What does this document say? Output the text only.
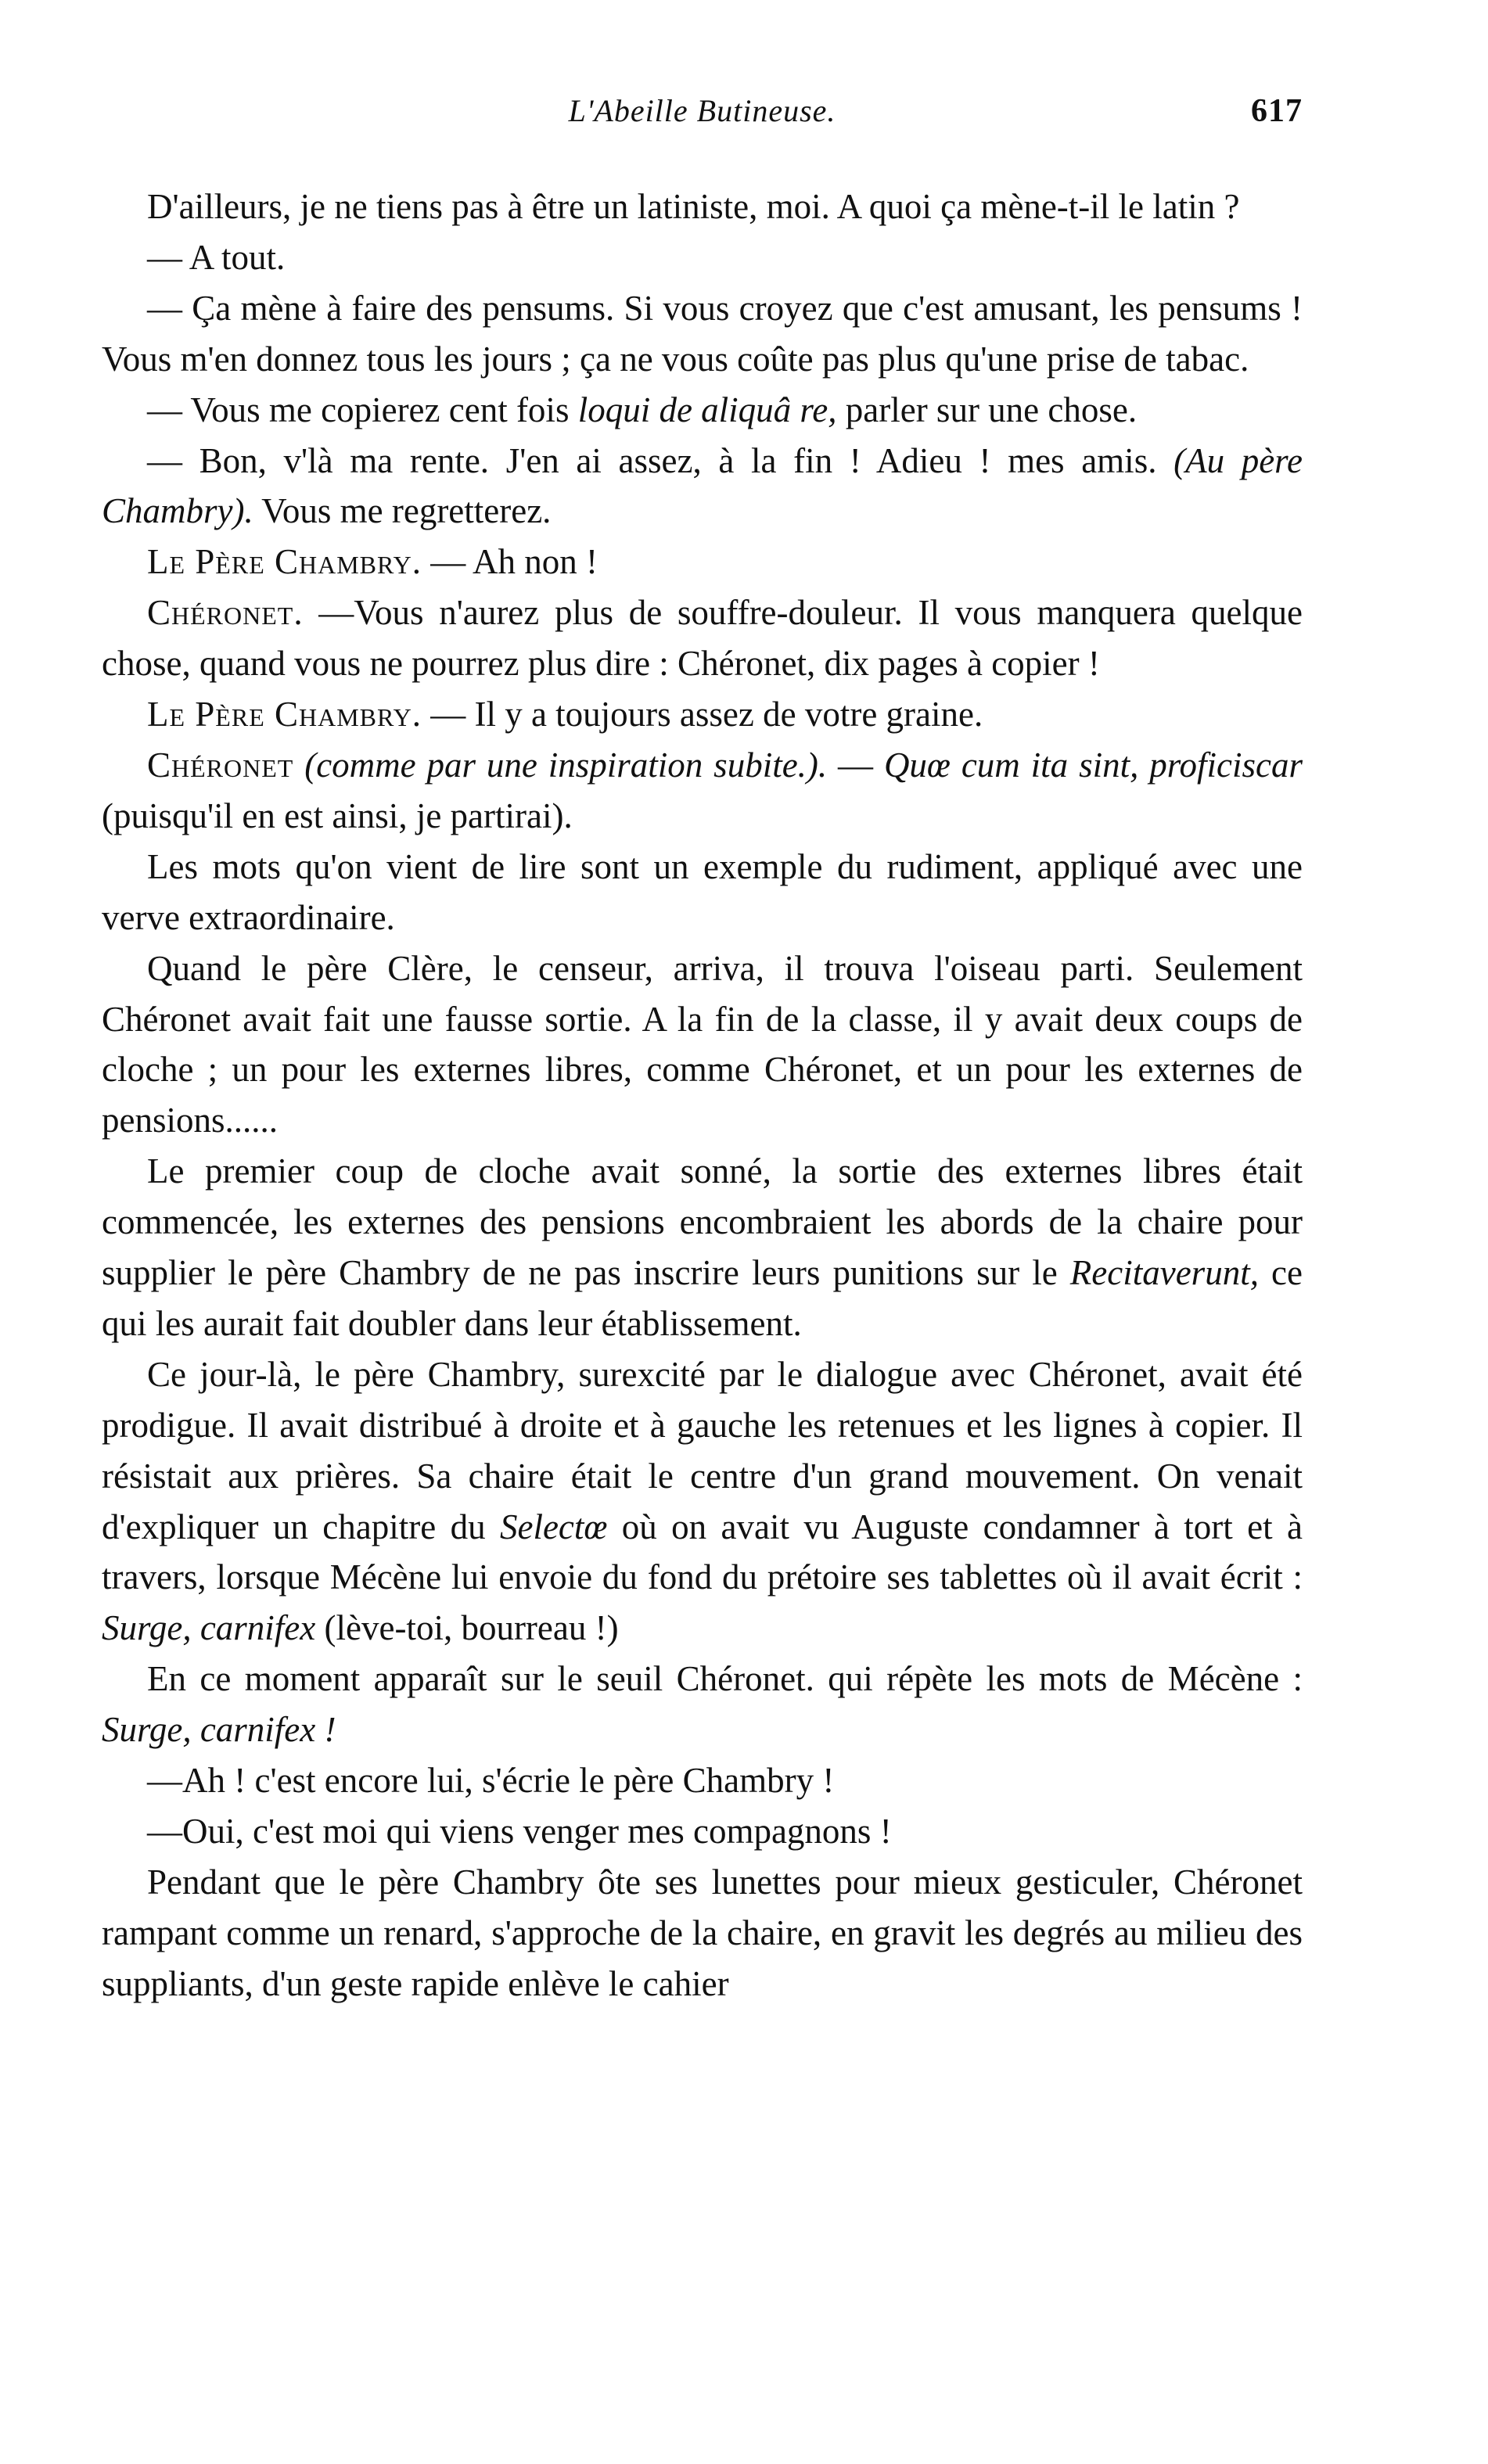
L'Abeille Butineuse.	617

D'ailleurs, je ne tiens pas à être un latiniste, moi. A quoi ça mène-t-il le latin ?

— A tout.

— Ça mène à faire des pensums. Si vous croyez que c'est amusant, les pensums ! Vous m'en donnez tous les jours ; ça ne vous coûte pas plus qu'une prise de tabac.

— Vous me copierez cent fois loqui de aliquâ re, parler sur une chose.

— Bon, v'là ma rente. J'en ai assez, à la fin ! Adieu ! mes amis. (Au père Chambry). Vous me regretterez.

Le Père Chambry. — Ah non !

Chéronet. —Vous n'aurez plus de souffre-douleur. Il vous manquera quelque chose, quand vous ne pourrez plus dire : Chéronet, dix pages à copier !

Le Père Chambry. — Il y a toujours assez de votre graine.

Chéronet (comme par une inspiration subite.). — Quœ cum ita sint, proficiscar (puisqu'il en est ainsi, je partirai).

Les mots qu'on vient de lire sont un exemple du rudiment, appliqué avec une verve extraordinaire.

Quand le père Clère, le censeur, arriva, il trouva l'oiseau parti. Seulement Chéronet avait fait une fausse sortie. A la fin de la classe, il y avait deux coups de cloche ; un pour les externes libres, comme Chéronet, et un pour les externes de pensions......

Le premier coup de cloche avait sonné, la sortie des externes libres était commencée, les externes des pensions encombraient les abords de la chaire pour supplier le père Chambry de ne pas inscrire leurs punitions sur le Recitaverunt, ce qui les aurait fait doubler dans leur établissement.

Ce jour-là, le père Chambry, surexcité par le dialogue avec Chéronet, avait été prodigue. Il avait distribué à droite et à gauche les retenues et les lignes à copier. Il résistait aux prières. Sa chaire était le centre d'un grand mouvement. On venait d'expliquer un chapitre du Selectœ où on avait vu Auguste condamner à tort et à travers, lorsque Mécène lui envoie du fond du prétoire ses tablettes où il avait écrit : Surge, carnifex (lève-toi, bourreau !)

En ce moment apparaît sur le seuil Chéronet. qui répète les mots de Mécène : Surge, carnifex !

—Ah ! c'est encore lui, s'écrie le père Chambry !

—Oui, c'est moi qui viens venger mes compagnons !

Pendant que le père Chambry ôte ses lunettes pour mieux gesticuler, Chéronet rampant comme un renard, s'approche de la chaire, en gravit les degrés au milieu des suppliants, d'un geste rapide enlève le cahier
